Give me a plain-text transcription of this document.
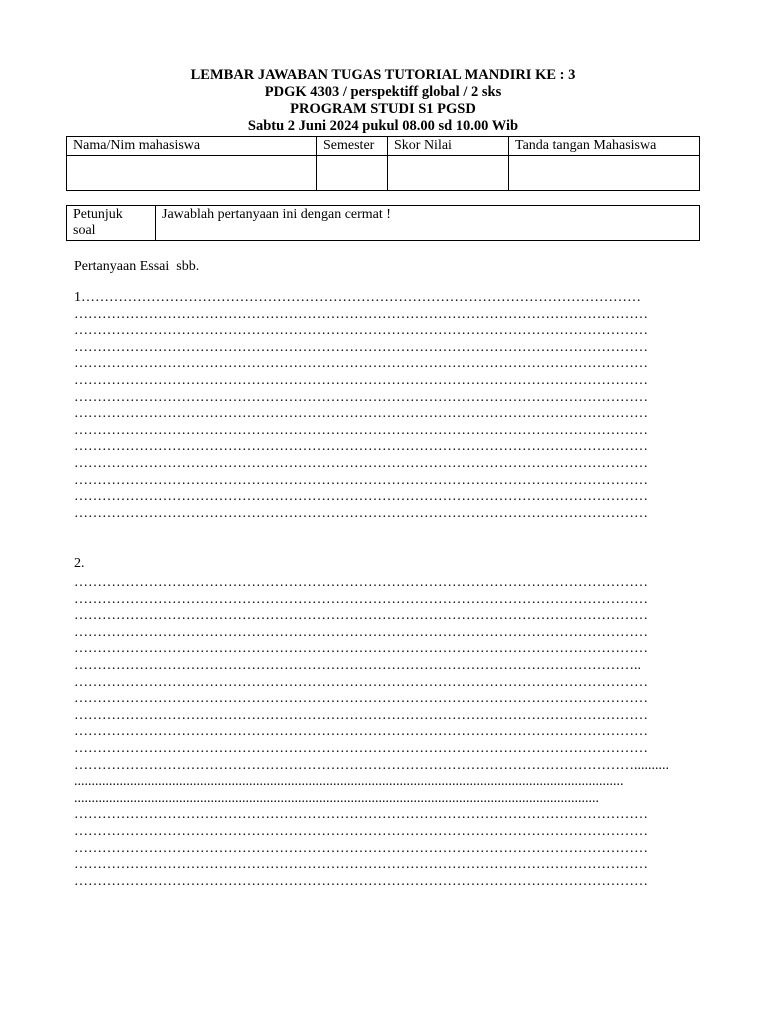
LEMBAR JAWABAN TUGAS TUTORIAL MANDIRI KE : 3
PDGK 4303 / perspektiff global / 2 sks
PROGRAM STUDI S1 PGSD
Sabtu 2 Juni 2024 pukul 08.00 sd 10.00 Wib
Nama/Nim mahasiswa	Semester	Skor Nilai	Tanda tangan Mahasiswa

Petunjuk
soal	Jawablah pertanyaan ini dengan cermat !
Pertanyaan Essai  sbb.
1…………………………………………………………………………………………………………
……………………………………………………………………………………………………………
……………………………………………………………………………………………………………
……………………………………………………………………………………………………………
……………………………………………………………………………………………………………
……………………………………………………………………………………………………………
……………………………………………………………………………………………………………
……………………………………………………………………………………………………………
……………………………………………………………………………………………………………
……………………………………………………………………………………………………………
……………………………………………………………………………………………………………
……………………………………………………………………………………………………………
……………………………………………………………………………………………………………
……………………………………………………………………………………………………………
2.
……………………………………………………………………………………………………………
……………………………………………………………………………………………………………
……………………………………………………………………………………………………………
……………………………………………………………………………………………………………
……………………………………………………………………………………………………………
…………………………………………………………………………………………………………..
……………………………………………………………………………………………………………
……………………………………………………………………………………………………………
……………………………………………………………………………………………………………
……………………………………………………………………………………………………………
……………………………………………………………………………………………………………
…………………………………………………………………………………………………………..........
.............................................................................................................................................................
......................................................................................................................................................
……………………………………………………………………………………………………………
……………………………………………………………………………………………………………
……………………………………………………………………………………………………………
……………………………………………………………………………………………………………
……………………………………………………………………………………………………………
